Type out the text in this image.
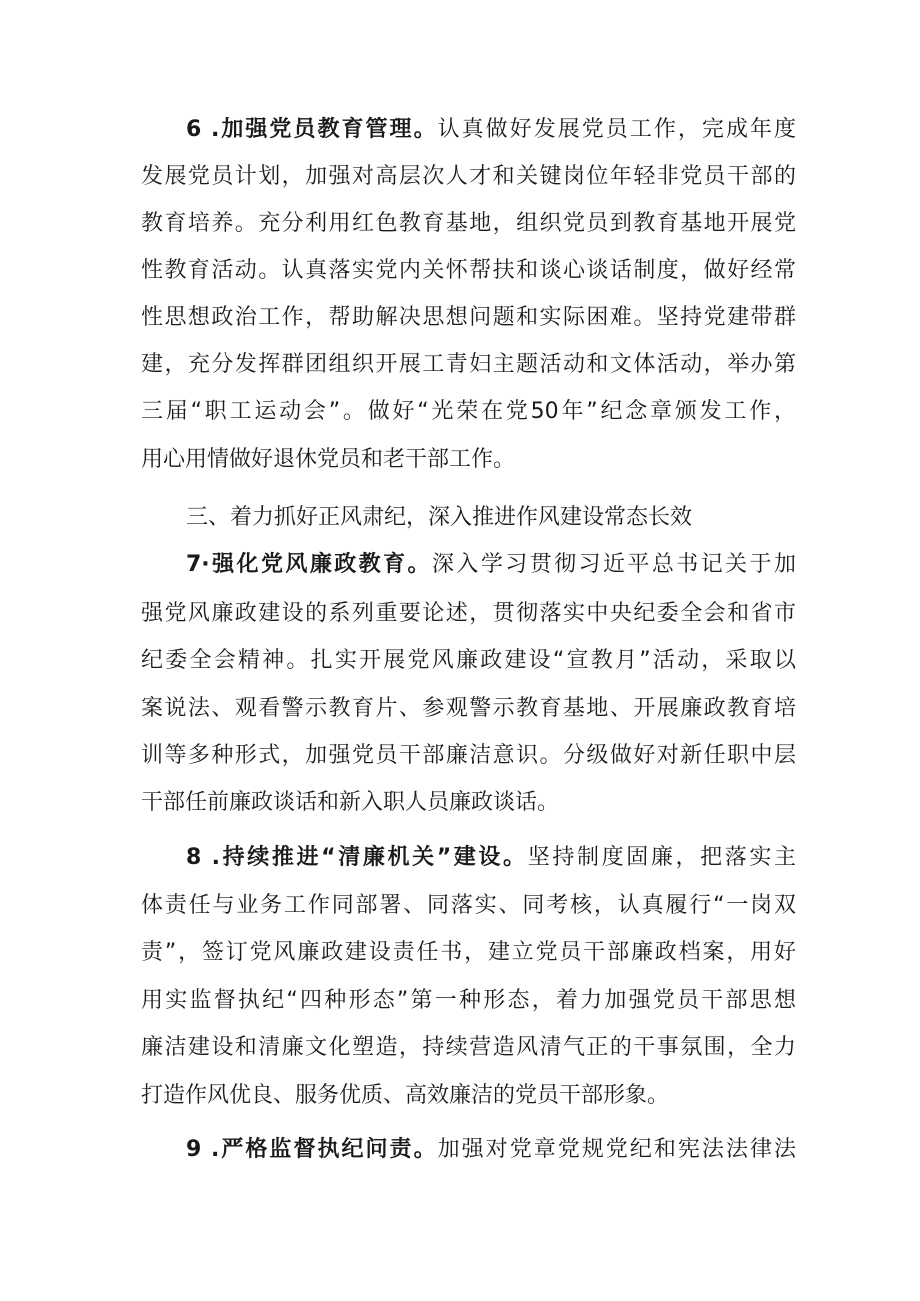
6 .加强党员教育管理。认真做好发展党员工作，完成年度
发展党员计划，加强对高层次人才和关键岗位年轻非党员干部的
教育培养。充分利用红色教育基地，组织党员到教育基地开展党
性教育活动。认真落实党内关怀帮扶和谈心谈话制度，做好经常
性思想政治工作，帮助解决思想问题和实际困难。坚持党建带群
建，充分发挥群团组织开展工青妇主题活动和文体活动，举办第
三届“职工运动会”。做好“光荣在党50年”纪念章颁发工作，
用心用情做好退休党员和老干部工作。
三、着力抓好正风肃纪，深入推进作风建设常态长效
7·强化党风廉政教育。深入学习贯彻习近平总书记关于加
强党风廉政建设的系列重要论述，贯彻落实中央纪委全会和省市
纪委全会精神。扎实开展党风廉政建设“宣教月”活动，采取以
案说法、观看警示教育片、参观警示教育基地、开展廉政教育培
训等多种形式，加强党员干部廉洁意识。分级做好对新任职中层
干部任前廉政谈话和新入职人员廉政谈话。
8 .持续推进“清廉机关”建设。坚持制度固廉，把落实主
体责任与业务工作同部署、同落实、同考核，认真履行“一岗双
责”，签订党风廉政建设责任书，建立党员干部廉政档案，用好
用实监督执纪“四种形态”第一种形态，着力加强党员干部思想
廉洁建设和清廉文化塑造，持续营造风清气正的干事氛围，全力
打造作风优良、服务优质、高效廉洁的党员干部形象。
9 .严格监督执纪问责。加强对党章党规党纪和宪法法律法
